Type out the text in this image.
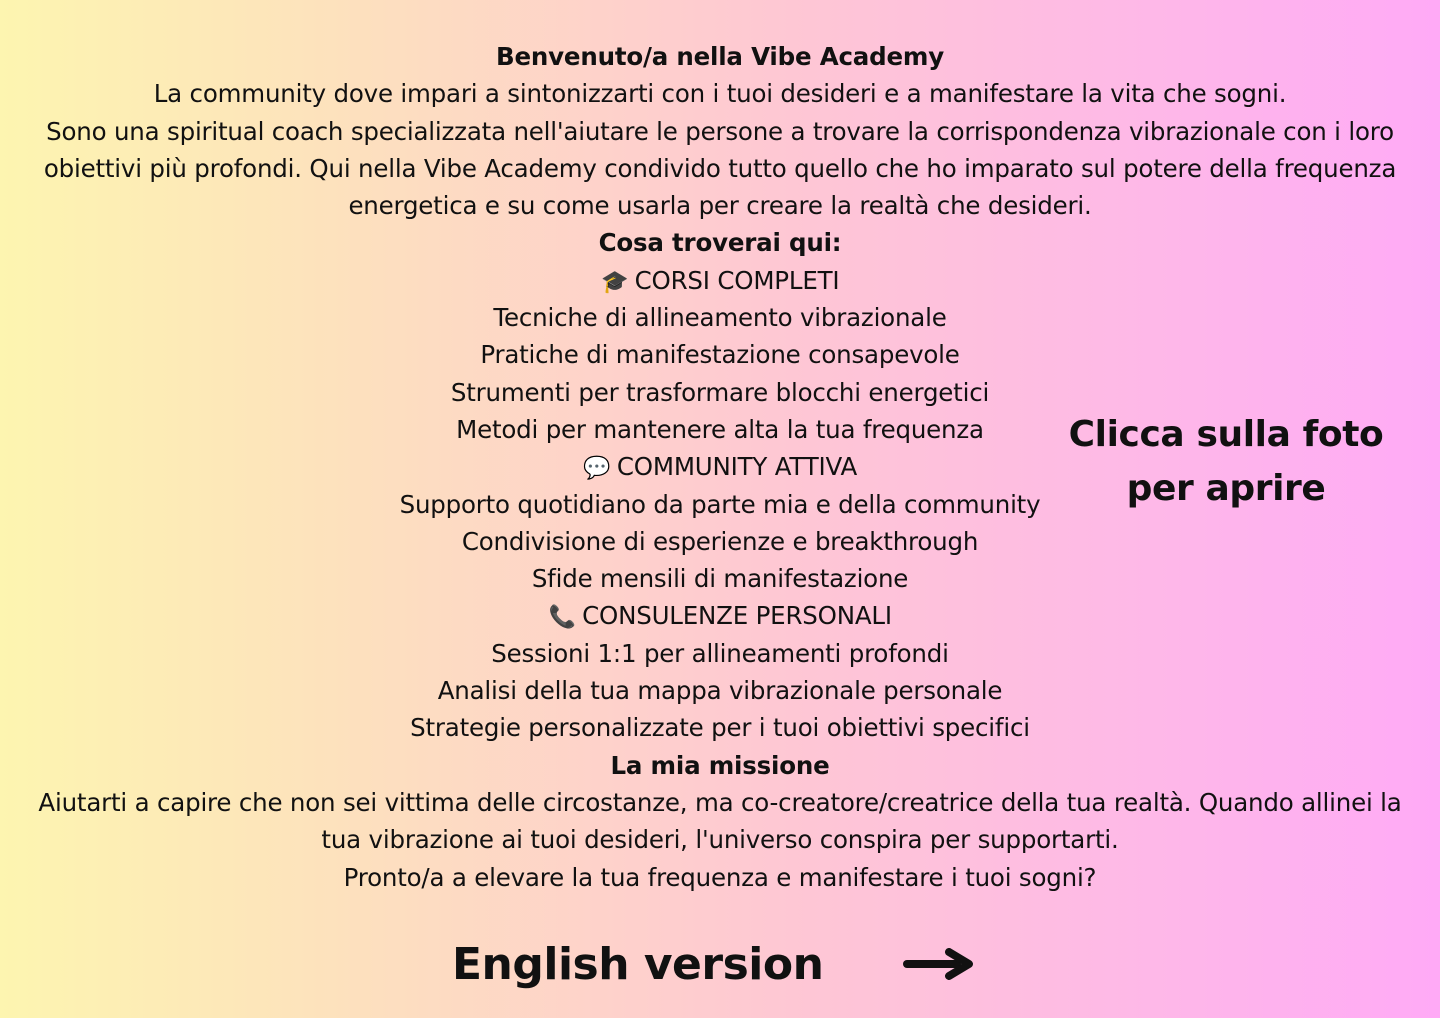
Benvenuto/a nella Vibe Academy
La community dove impari a sintonizzarti con i tuoi desideri e a manifestare la vita che sogni.
Sono una spiritual coach specializzata nell'aiutare le persone a trovare la corrispondenza vibrazionale con i loro obiettivi più profondi. Qui nella Vibe Academy condivido tutto quello che ho imparato sul potere della frequenza energetica e su come usarla per creare la realtà che desideri.
Cosa troverai qui:
🎓 CORSI COMPLETI
Tecniche di allineamento vibrazionale
Pratiche di manifestazione consapevole
Strumenti per trasformare blocchi energetici
Metodi per mantenere alta la tua frequenza
💬 COMMUNITY ATTIVA
Supporto quotidiano da parte mia e della community
Condivisione di esperienze e breakthrough
Sfide mensili di manifestazione
📞 CONSULENZE PERSONALI
Sessioni 1:1 per allineamenti profondi
Analisi della tua mappa vibrazionale personale
Strategie personalizzate per i tuoi obiettivi specifici
La mia missione
Aiutarti a capire che non sei vittima delle circostanze, ma co-creatore/creatrice della tua realtà. Quando allinei la tua vibrazione ai tuoi desideri, l'universo conspira per supportarti.
Pronto/a a elevare la tua frequenza e manifestare i tuoi sogni?
Clicca sulla foto
per aprire
English version
